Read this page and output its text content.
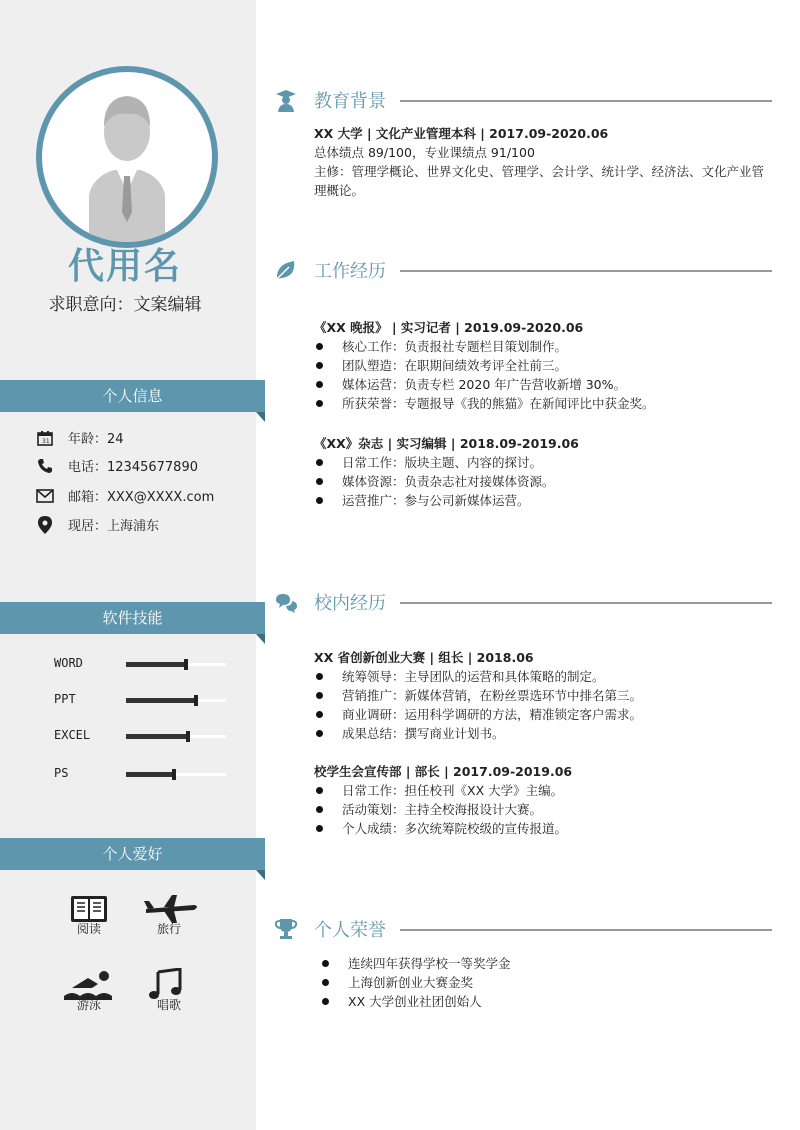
代用名
求职意向：文案编辑
个人信息
31 年龄：24
电话：12345677890
邮箱：XXX@XXXX.com
现居：上海浦东
软件技能
WORD
PPT
EXCEL
PS
个人爱好
阅读	旅行
游泳	唱歌
教育背景
XX 大学 | 文化产业管理本科 | 2017.09-2020.06
总体绩点 89/100，专业课绩点 91/100
主修：管理学概论、世界文化史、管理学、会计学、统计学、经济法、文化产业管理概论。
工作经历
《XX 晚报》 | 实习记者 | 2019.09-2020.06
核心工作：负责报社专题栏目策划制作。
团队塑造：在职期间绩效考评全社前三。
媒体运营：负责专栏 2020 年广告营收新增 30%。
所获荣誉：专题报导《我的熊猫》在新闻评比中获金奖。
《XX》杂志 | 实习编辑 | 2018.09-2019.06
日常工作：版块主题、内容的探讨。
媒体资源：负责杂志社对接媒体资源。
运营推广：参与公司新媒体运营。
校内经历
XX 省创新创业大赛 | 组长 | 2018.06
统筹领导：主导团队的运营和具体策略的制定。
营销推广：新媒体营销，在粉丝票选环节中排名第三。
商业调研：运用科学调研的方法，精准锁定客户需求。
成果总结：撰写商业计划书。
校学生会宣传部 | 部长 | 2017.09-2019.06
日常工作：担任校刊《XX 大学》主编。
活动策划：主持全校海报设计大赛。
个人成绩：多次统筹院校级的宣传报道。
个人荣誉
连续四年获得学校一等奖学金
上海创新创业大赛金奖
XX 大学创业社团创始人
